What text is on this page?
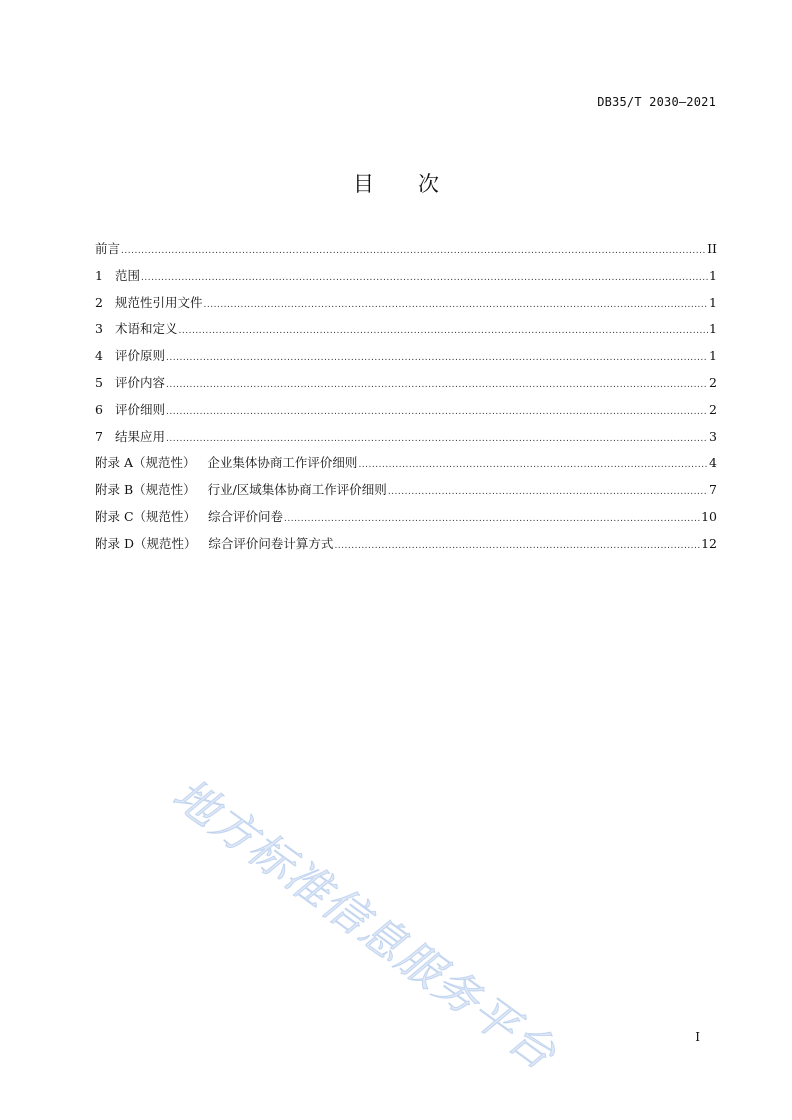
DB35/T 2030—2021
目 次
前言 .....	II
1 范围 .....	1
2 规范性引用文件 .....	1
3 术语和定义 .....	1
4 评价原则 .....	1
5 评价内容 .....	2
6 评价细则 .....	2
7 结果应用 .....	3
附录 A（规范性） 企业集体协商工作评价细则 .....	4
附录 B（规范性） 行业/区域集体协商工作评价细则 .....	7
附录 C（规范性） 综合评价问卷 .....	10
附录 D（规范性） 综合评价问卷计算方式 .....	12
地方标准信息服务平台	I
